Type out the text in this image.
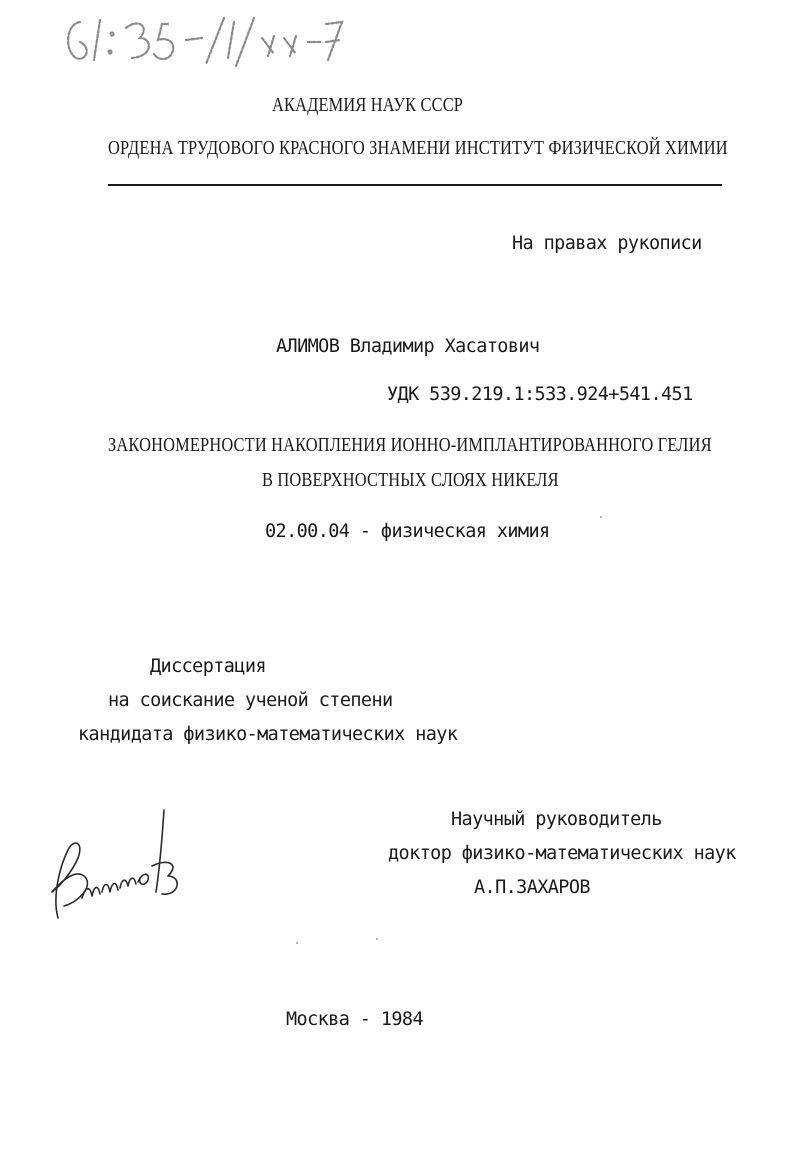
АКАДЕМИЯ НАУК СССР
ОРДЕНА ТРУДОВОГО КРАСНОГО ЗНАМЕНИ ИНСТИТУТ ФИЗИЧЕСКОЙ ХИМИИ
На правах рукописи
АЛИМОВ Владимир Хасатович
УДК 539.219.1:533.924+541.451
ЗАКОНОМЕРНОСТИ НАКОПЛЕНИЯ ИОННО-ИМПЛАНТИРОВАННОГО ГЕЛИЯ
В ПОВЕРХНОСТНЫХ СЛОЯХ НИКЕЛЯ
02.00.04 - физическая химия
Диссертация
на соискание ученой степени
кандидата физико-математических наук
Научный руководитель
доктор физико-математических наук
А.П.ЗАХАРОВ
Москва - 1984
